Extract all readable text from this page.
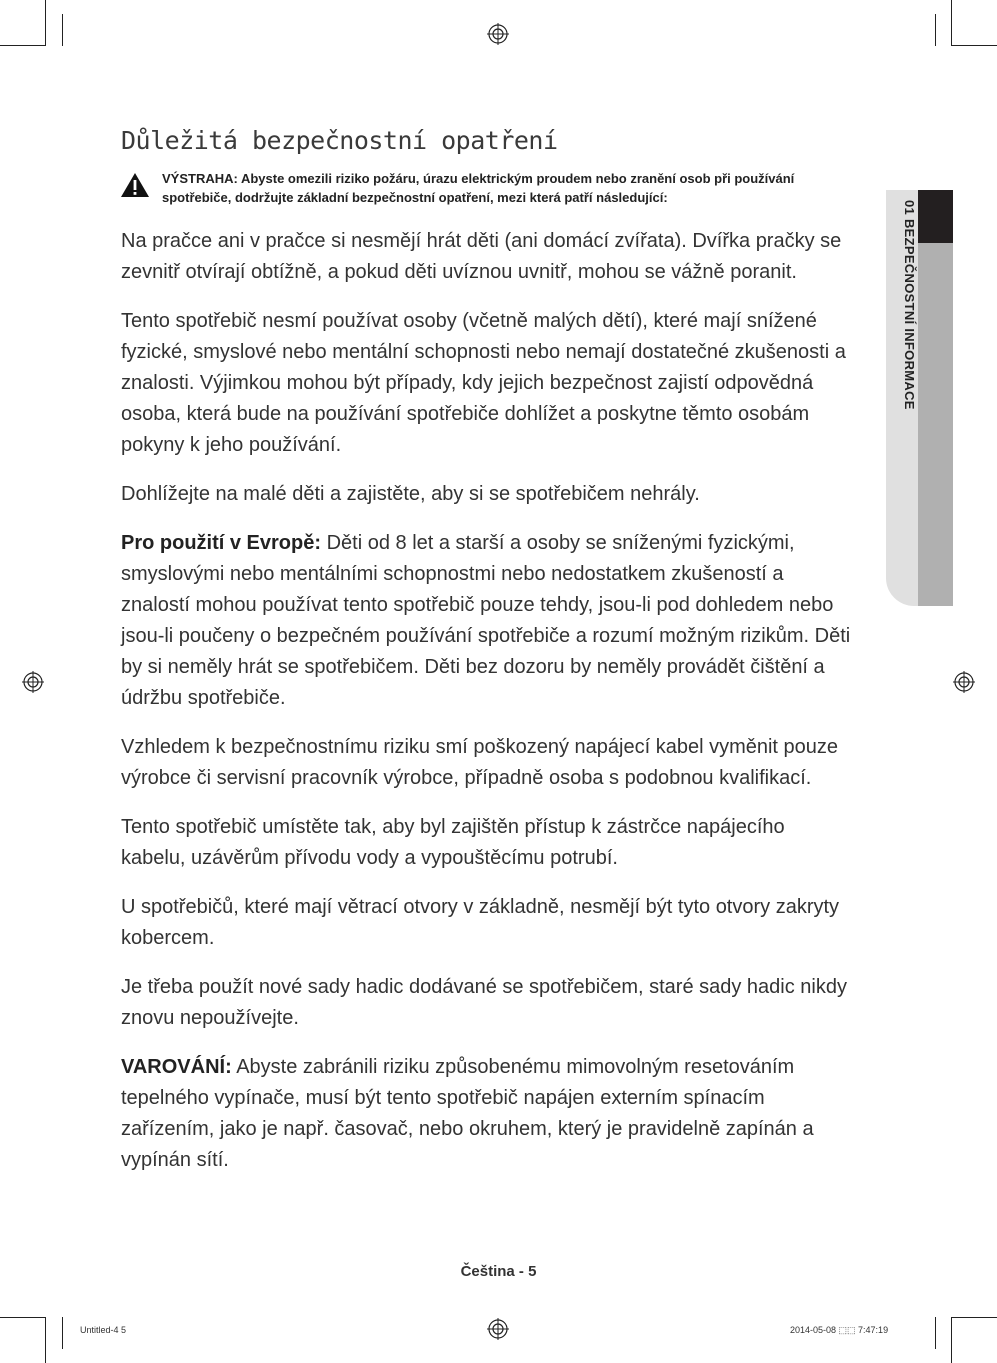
01 BEZPEČNOSTNÍ INFORMACE
Důležitá bezpečnostní opatření
VÝSTRAHA: Abyste omezili riziko požáru, úrazu elektrickým proudem nebo zranění osob při používání spotřebiče, dodržujte základní bezpečnostní opatření, mezi která patří následující:

Na pračce ani v pračce si nesmějí hrát děti (ani domácí zvířata). Dvířka pračky se zevnitř otvírají obtížně, a pokud děti uvíznou uvnitř, mohou se vážně poranit.

Tento spotřebič nesmí používat osoby (včetně malých dětí), které mají snížené fyzické, smyslové nebo mentální schopnosti nebo nemají dostatečné zkušenosti a znalosti. Výjimkou mohou být případy, kdy jejich bezpečnost zajistí odpovědná osoba, která bude na používání spotřebiče dohlížet a poskytne těmto osobám pokyny k jeho používání.

Dohlížejte na malé děti a zajistěte, aby si se spotřebičem nehrály.

Pro použití v Evropě: Děti od 8 let a starší a osoby se sníženými fyzickými, smyslovými nebo mentálními schopnostmi nebo nedostatkem zkušeností a znalostí mohou používat tento spotřebič pouze tehdy, jsou-li pod dohledem nebo jsou-li poučeny o bezpečném používání spotřebiče a rozumí možným rizikům. Děti by si neměly hrát se spotřebičem. Děti bez dozoru by neměly provádět čištění a údržbu spotřebiče.

Vzhledem k bezpečnostnímu riziku smí poškozený napájecí kabel vyměnit pouze výrobce či servisní pracovník výrobce, případně osoba s podobnou kvalifikací.

Tento spotřebič umístěte tak, aby byl zajištěn přístup k zástrčce napájecího kabelu, uzávěrům přívodu vody a vypouštěcímu potrubí.

U spotřebičů, které mají větrací otvory v základně, nesmějí být tyto otvory zakryty kobercem.

Je třeba použít nové sady hadic dodávané se spotřebičem, staré sady hadic nikdy znovu nepoužívejte.

VAROVÁNÍ: Abyste zabránili riziku způsobenému mimovolným resetováním tepelného vypínače, musí být tento spotřebič napájen externím spínacím zařízením, jako je např. časovač, nebo okruhem, který je pravidelně zapínán a vypínán sítí.

Čeština - 5
Untitled-4 5	2014-05-08 ⬚⬚ 7:47:19
